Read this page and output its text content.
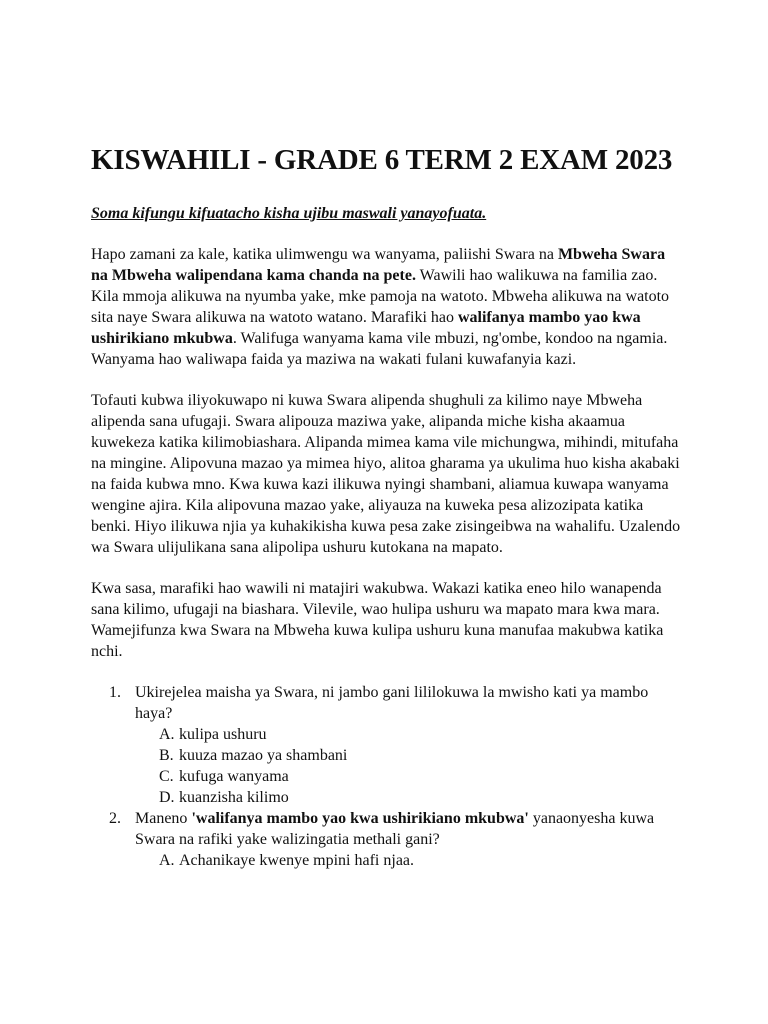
KISWAHILI - GRADE 6 TERM 2 EXAM 2023

Soma kifungu kifuatacho kisha ujibu maswali yanayofuata.

Hapo zamani za kale, katika ulimwengu wa wanyama, paliishi Swara na Mbweha Swara na Mbweha walipendana kama chanda na pete. Wawili hao walikuwa na familia zao. Kila mmoja alikuwa na nyumba yake, mke pamoja na watoto. Mbweha alikuwa na watoto sita naye Swara alikuwa na watoto watano. Marafiki hao walifanya mambo yao kwa ushirikiano mkubwa. Walifuga wanyama kama vile mbuzi, ng'ombe, kondoo na ngamia. Wanyama hao waliwapa faida ya maziwa na wakati fulani kuwafanyia kazi.

Tofauti kubwa iliyokuwapo ni kuwa Swara alipenda shughuli za kilimo naye Mbweha alipenda sana ufugaji. Swara alipouza maziwa yake, alipanda miche kisha akaamua kuwekeza katika kilimobiashara. Alipanda mimea kama vile michungwa, mihindi, mitufaha na mingine. Alipovuna mazao ya mimea hiyo, alitoa gharama ya ukulima huo kisha akabaki na faida kubwa mno. Kwa kuwa kazi ilikuwa nyingi shambani, aliamua kuwapa wanyama wengine ajira. Kila alipovuna mazao yake, aliyauza na kuweka pesa alizozipata katika benki. Hiyo ilikuwa njia ya kuhakikisha kuwa pesa zake zisingeibwa na wahalifu. Uzalendo wa Swara ulijulikana sana alipolipa ushuru kutokana na mapato.

Kwa sasa, marafiki hao wawili ni matajiri wakubwa. Wakazi katika eneo hilo wanapenda sana kilimo, ufugaji na biashara. Vilevile, wao hulipa ushuru wa mapato mara kwa mara. Wamejifunza kwa Swara na Mbweha kuwa kulipa ushuru kuna manufaa makubwa katika nchi.

1. Ukirejelea maisha ya Swara, ni jambo gani lililokuwa la mwisho kati ya mambo haya?
A. kulipa ushuru
B. kuuza mazao ya shambani
C. kufuga wanyama
D. kuanzisha kilimo
2. Maneno 'walifanya mambo yao kwa ushirikiano mkubwa' yanaonyesha kuwa Swara na rafiki yake walizingatia methali gani?
A. Achanikaye kwenye mpini hafi njaa.
